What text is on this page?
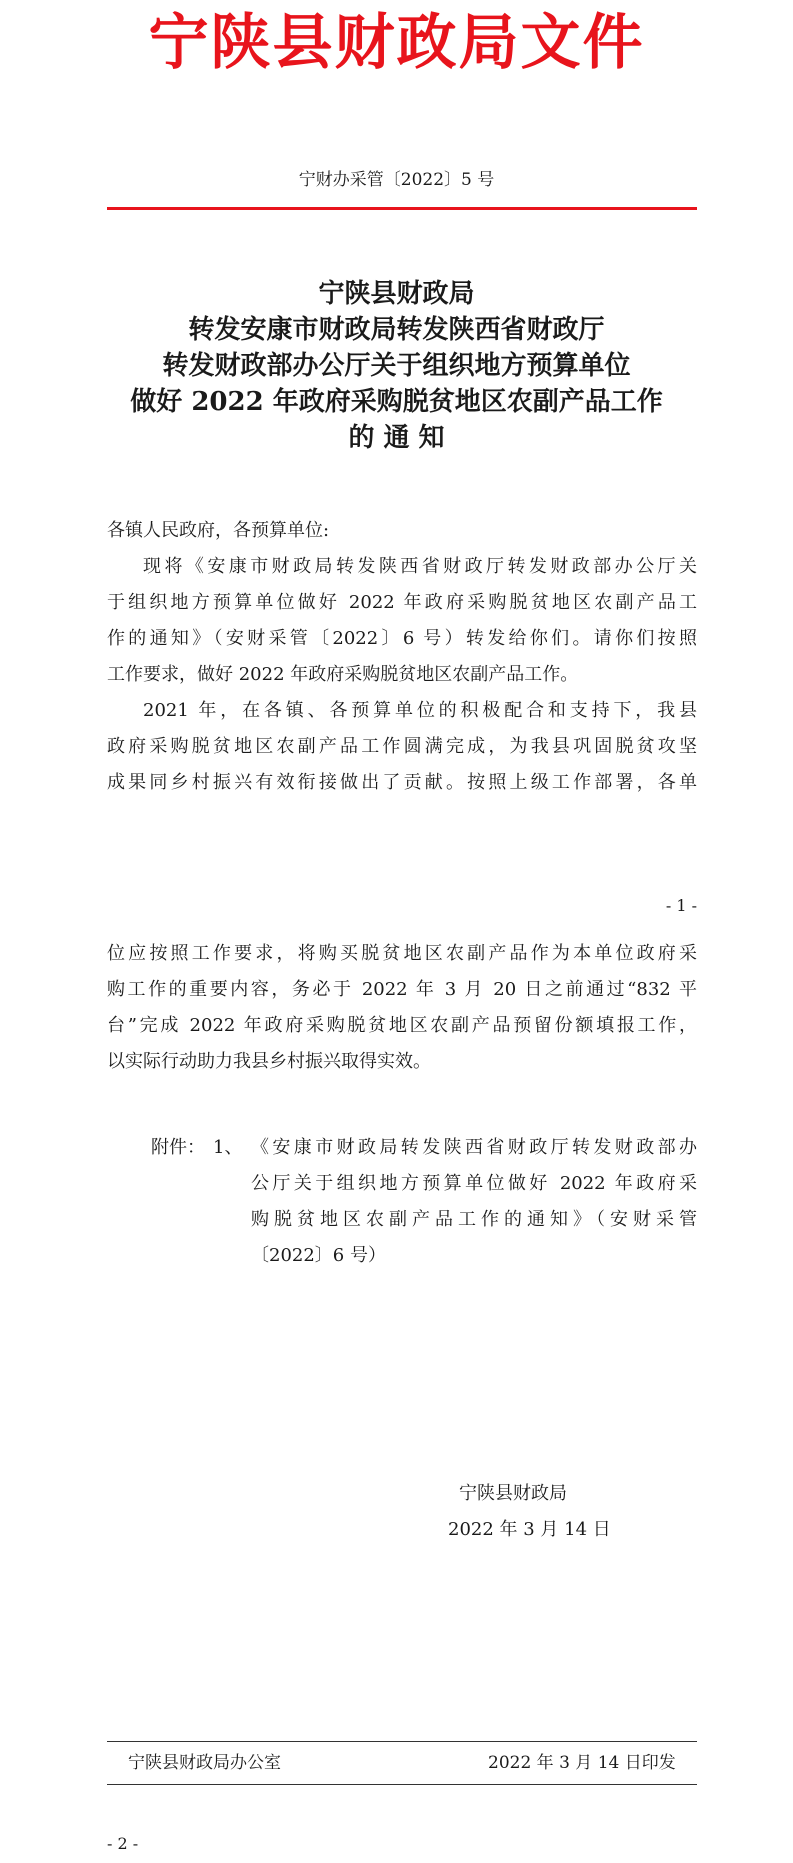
宁陕县财政局文件
宁财办采管〔2022〕5 号
宁陕县财政局
转发安康市财政局转发陕西省财政厅
转发财政部办公厅关于组织地方预算单位
做好 2022 年政府采购脱贫地区农副产品工作
的 通 知
各镇人民政府，各预算单位:
现将《安康市财政局转发陕西省财政厅转发财政部办公厅关
于组织地方预算单位做好 2022 年政府采购脱贫地区农副产品工
作的通知》（安财采管〔2022〕6 号）转发给你们。请你们按照
工作要求，做好 2022 年政府采购脱贫地区农副产品工作。
2021 年，在各镇、各预算单位的积极配合和支持下，我县
政府采购脱贫地区农副产品工作圆满完成，为我县巩固脱贫攻坚
成果同乡村振兴有效衔接做出了贡献。按照上级工作部署，各单
- 1 -
位应按照工作要求，将购买脱贫地区农副产品作为本单位政府采
购工作的重要内容，务必于 2022 年 3 月 20 日之前通过“832 平
台”完成 2022 年政府采购脱贫地区农副产品预留份额填报工作，
以实际行动助力我县乡村振兴取得实效。
附件： 1、 《安康市财政局转发陕西省财政厅转发财政部办
公厅关于组织地方预算单位做好 2022 年政府采
购脱贫地区农副产品工作的通知》（安财采管
〔2022〕6 号）
宁陕县财政局
2022 年 3 月 14 日
宁陕县财政局办公室	2022 年 3 月 14 日印发
- 2 -
